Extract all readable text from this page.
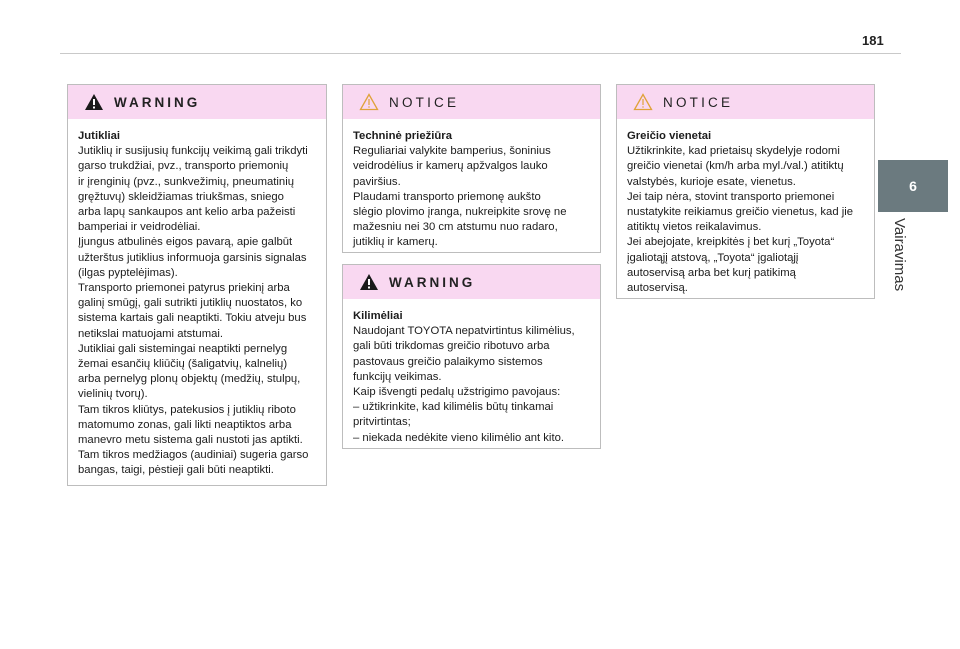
181
6
Vairavimas
WARNING
Jutikliai
Jutiklių ir susijusių funkcijų veikimą gali trikdyti
garso trukdžiai, pvz., transporto priemonių
ir įrenginių (pvz., sunkvežimių, pneumatinių
gręžtuvų) skleidžiamas triukšmas, sniego
arba lapų sankaupos ant kelio arba pažeisti
bamperiai ir veidrodėliai.
Įjungus atbulinės eigos pavarą, apie galbūt
užterštus jutiklius informuoja garsinis signalas
(ilgas pyptelėjimas).
Transporto priemonei patyrus priekinį arba
galinį smūgį, gali sutrikti jutiklių nuostatos, ko
sistema kartais gali neaptikti. Tokiu atveju bus
netikslai matuojami atstumai.
Jutikliai gali sistemingai neaptikti pernelyg
žemai esančių kliūčių (šaligatvių, kalnelių)
arba pernelyg plonų objektų (medžių, stulpų,
vielinių tvorų).
Tam tikros kliūtys, patekusios į jutiklių riboto
matomumo zonas, gali likti neaptiktos arba
manevro metu sistema gali nustoti jas aptikti.
Tam tikros medžiagos (audiniai) sugeria garso
bangas, taigi, pėstieji gali būti neaptikti.
NOTICE
Techninė priežiūra
Reguliariai valykite bamperius, šoninius
veidrodėlius ir kamerų apžvalgos lauko
paviršius.
Plaudami transporto priemonę aukšto
slėgio plovimo įranga, nukreipkite srovę ne
mažesniu nei 30 cm atstumu nuo radaro,
jutiklių ir kamerų.
WARNING
Kilimėliai
Naudojant TOYOTA nepatvirtintus kilimėlius,
gali būti trikdomas greičio ribotuvo arba
pastovaus greičio palaikymo sistemos
funkcijų veikimas.
Kaip išvengti pedalų užstrigimo pavojaus:
– užtikrinkite, kad kilimėlis būtų tinkamai
pritvirtintas;
– niekada nedėkite vieno kilimėlio ant kito.
NOTICE
Greičio vienetai
Užtikrinkite, kad prietaisų skydelyje rodomi
greičio vienetai (km/h arba myl./val.) atitiktų
valstybės, kurioje esate, vienetus.
Jei taip nėra, stovint transporto priemonei
nustatykite reikiamus greičio vienetus, kad jie
atitiktų vietos reikalavimus.
Jei abejojate, kreipkitės į bet kurį „Toyota“
įgaliotąjį atstovą, „Toyota“ įgaliotąjį
autoservisą arba bet kurį patikimą
autoservisą.
